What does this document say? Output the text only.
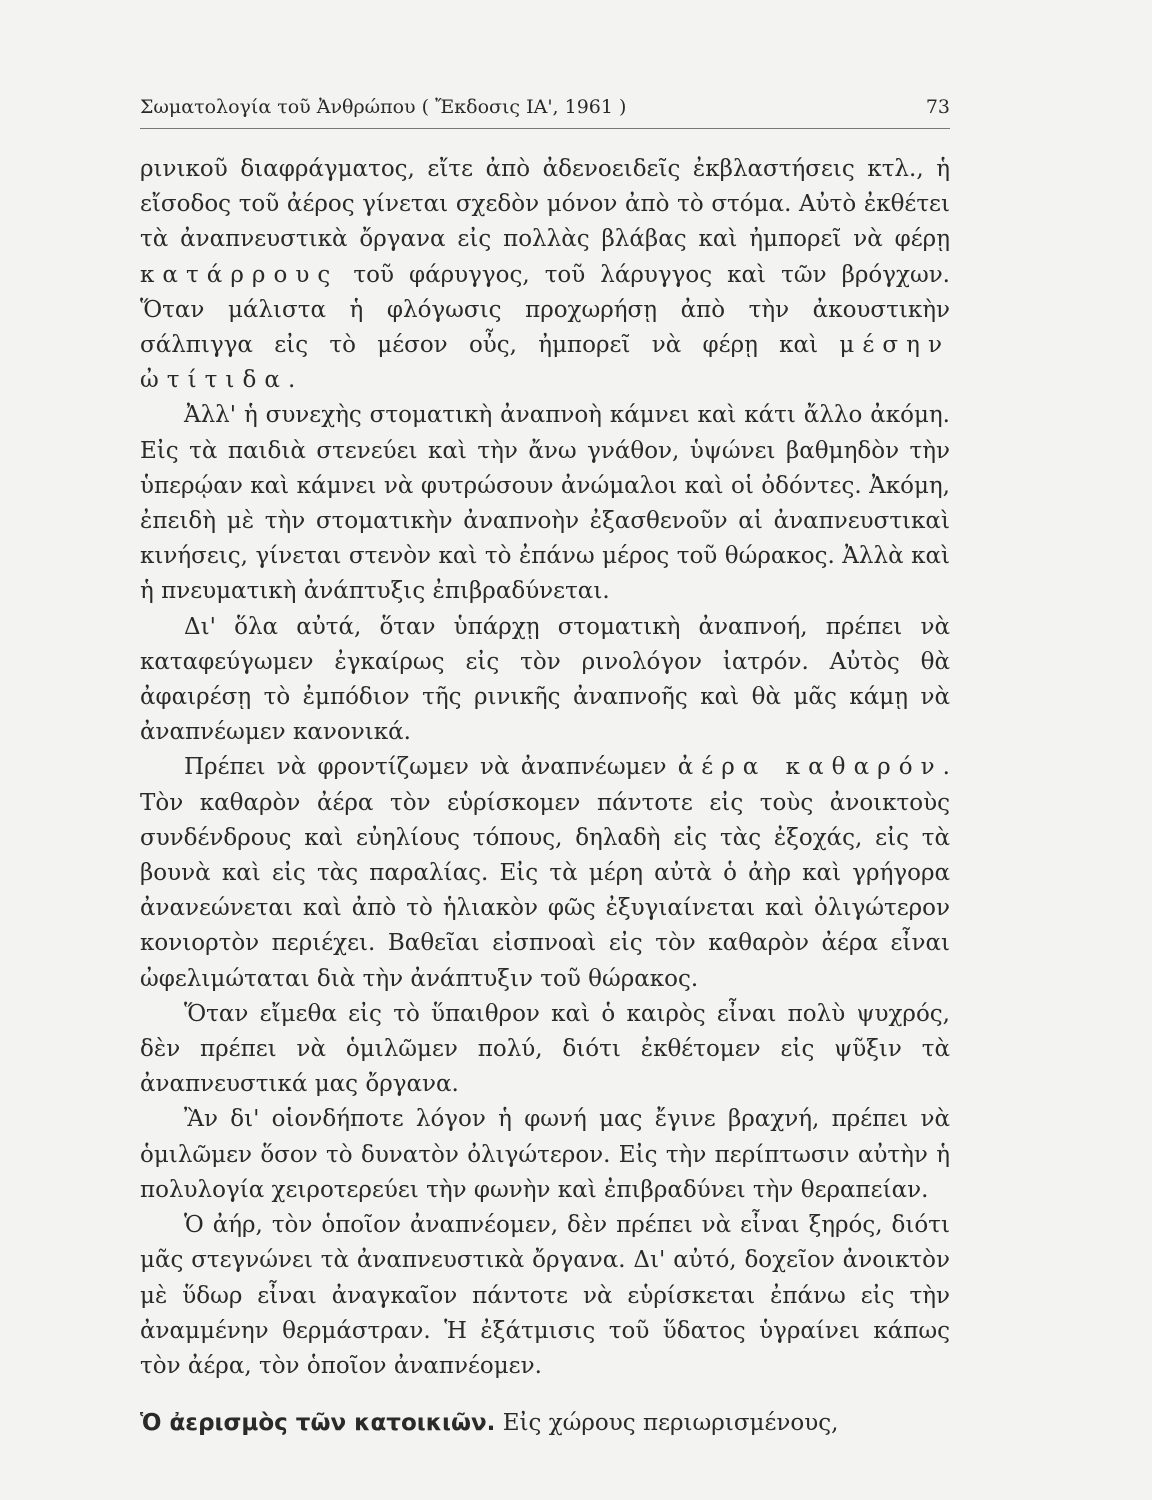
Σωματολογία τοῦ Ἀνθρώπου ( Ἔκδοσις ΙΑ', 1961 )	73

ρινικοῦ διαφράγματος, εἴτε ἀπὸ ἀδενοειδεῖς ἐκβλαστήσεις κτλ., ἡ εἴσοδος τοῦ ἀέρος γίνεται σχεδὸν μόνον ἀπὸ τὸ στόμα. Αὐτὸ ἐκθέτει τὰ ἀναπνευστικὰ ὄργανα εἰς πολλὰς βλάβας καὶ ἠμπορεῖ νὰ φέρῃ κατάρρους τοῦ φάρυγγος, τοῦ λάρυγγος καὶ τῶν βρόγχων. Ὅταν μάλιστα ἡ φλόγωσις προχωρήσῃ ἀπὸ τὴν ἀκουστικὴν σάλπιγγα εἰς τὸ μέσον οὖς, ἠμπορεῖ νὰ φέρῃ καὶ μέσην ὠτίτιδα.

Ἀλλ' ἡ συνεχὴς στοματικὴ ἀναπνοὴ κάμνει καὶ κάτι ἄλλο ἀκόμη. Εἰς τὰ παιδιὰ στενεύει καὶ τὴν ἄνω γνάθον, ὑψώνει βαθμηδὸν τὴν ὑπερῴαν καὶ κάμνει νὰ φυτρώσουν ἀνώμαλοι καὶ οἱ ὀδόντες. Ἀκόμη, ἐπειδὴ μὲ τὴν στοματικὴν ἀναπνοὴν ἐξασθενοῦν αἱ ἀναπνευστικαὶ κινήσεις, γίνεται στενὸν καὶ τὸ ἐπάνω μέρος τοῦ θώρακος. Ἀλλὰ καὶ ἡ πνευματικὴ ἀνάπτυξις ἐπιβραδύνεται.

Δι' ὅλα αὐτά, ὅταν ὑπάρχῃ στοματικὴ ἀναπνοή, πρέπει νὰ καταφεύγωμεν ἐγκαίρως εἰς τὸν ρινολόγον ἰατρόν. Αὐτὸς θὰ ἀφαιρέσῃ τὸ ἐμπόδιον τῆς ρινικῆς ἀναπνοῆς καὶ θὰ μᾶς κάμῃ νὰ ἀναπνέωμεν κανονικά.

Πρέπει νὰ φροντίζωμεν νὰ ἀναπνέωμεν ἀέρα καθαρόν. Τὸν καθαρὸν ἀέρα τὸν εὑρίσκομεν πάντοτε εἰς τοὺς ἀνοικτοὺς συνδένδρους καὶ εὐηλίους τόπους, δηλαδὴ εἰς τὰς ἐξοχάς, εἰς τὰ βουνὰ καὶ εἰς τὰς παραλίας. Εἰς τὰ μέρη αὐτὰ ὁ ἀὴρ καὶ γρήγορα ἀνανεώνεται καὶ ἀπὸ τὸ ἡλιακὸν φῶς ἐξυγιαίνεται καὶ ὀλιγώτερον κονιορτὸν περιέχει. Βαθεῖαι εἰσπνοαὶ εἰς τὸν καθαρὸν ἀέρα εἶναι ὠφελιμώταται διὰ τὴν ἀνάπτυξιν τοῦ θώρακος.

Ὅταν εἴμεθα εἰς τὸ ὕπαιθρον καὶ ὁ καιρὸς εἶναι πολὺ ψυχρός, δὲν πρέπει νὰ ὁμιλῶμεν πολύ, διότι ἐκθέτομεν εἰς ψῦξιν τὰ ἀναπνευστικά μας ὄργανα.

Ἂν δι' οἱονδήποτε λόγον ἡ φωνή μας ἔγινε βραχνή, πρέπει νὰ ὁμιλῶμεν ὅσον τὸ δυνατὸν ὀλιγώτερον. Εἰς τὴν περίπτωσιν αὐτὴν ἡ πολυλογία χειροτερεύει τὴν φωνὴν καὶ ἐπιβραδύνει τὴν θεραπείαν.

Ὁ ἀήρ, τὸν ὁποῖον ἀναπνέομεν, δὲν πρέπει νὰ εἶναι ξηρός, διότι μᾶς στεγνώνει τὰ ἀναπνευστικὰ ὄργανα. Δι' αὐτό, δοχεῖον ἀνοικτὸν μὲ ὕδωρ εἶναι ἀναγκαῖον πάντοτε νὰ εὑρίσκεται ἐπάνω εἰς τὴν ἀναμμένην θερμάστραν. Ἡ ἐξάτμισις τοῦ ὕδατος ὑγραίνει κάπως τὸν ἀέρα, τὸν ὁποῖον ἀναπνέομεν.

Ὁ ἀερισμὸς τῶν κατοικιῶν. Εἰς χώρους περιωρισμένους,
